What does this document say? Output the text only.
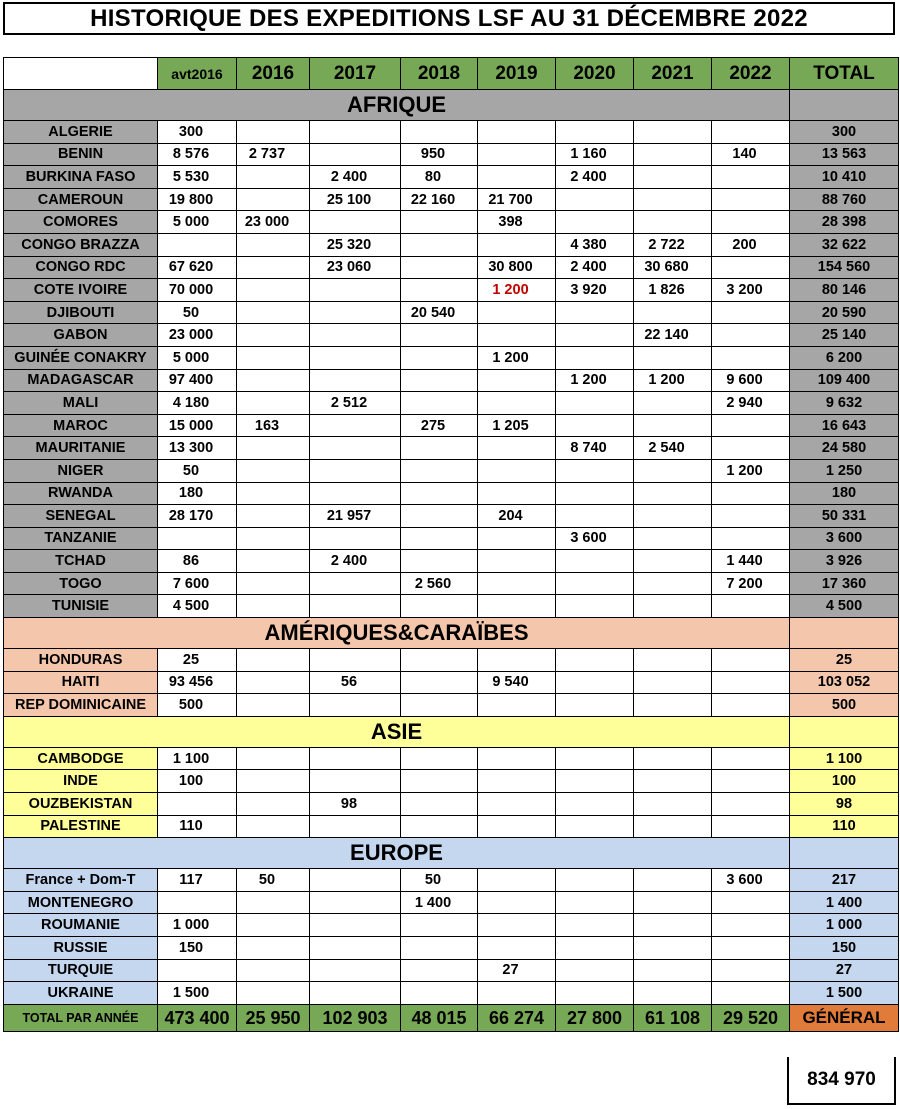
HISTORIQUE DES EXPEDITIONS LSF AU 31 DÉCEMBRE 2022
	avt2016	2016	2017	2018	2019	2020	2021	2022	TOTAL
AFRIQUE									
ALGERIE	300								300
BENIN	8 576	2 737		950		1 160		140	13 563
BURKINA FASO	5 530		2 400	80		2 400			10 410
CAMEROUN	19 800		25 100	22 160	21 700				88 760
COMORES	5 000	23 000			398				28 398
CONGO BRAZZA			25 320			4 380	2 722	200	32 622
CONGO RDC	67 620		23 060		30 800	2 400	30 680		154 560
COTE IVOIRE	70 000				1 200	3 920	1 826	3 200	80 146
DJIBOUTI	50			20 540					20 590
GABON	23 000						22 140		25 140
GUINÉE CONAKRY	5 000				1 200				6 200
MADAGASCAR	97 400					1 200	1 200	9 600	109 400
MALI	4 180		2 512					2 940	9 632
MAROC	15 000	163		275	1 205				16 643
MAURITANIE	13 300					8 740	2 540		24 580
NIGER	50							1 200	1 250
RWANDA	180								180
SENEGAL	28 170		21 957		204				50 331
TANZANIE						3 600			3 600
TCHAD	86		2 400					1 440	3 926
TOGO	7 600			2 560				7 200	17 360
TUNISIE	4 500								4 500
AMÉRIQUES&CARAÏBES									
HONDURAS	25								25
HAITI	93 456		56		9 540				103 052
REP DOMINICAINE	500								500
ASIE									
CAMBODGE	1 100								1 100
INDE	100								100
OUZBEKISTAN			98						98
PALESTINE	110								110
EUROPE									
France + Dom-T	117	50		50				3 600	217
MONTENEGRO				1 400					1 400
ROUMANIE	1 000								1 000
RUSSIE	150								150
TURQUIE					27				27
UKRAINE	1 500								1 500
TOTAL PAR ANNÉE	473 400	25 950	102 903	48 015	66 274	27 800	61 108	29 520	GÉNÉRAL
834 970
